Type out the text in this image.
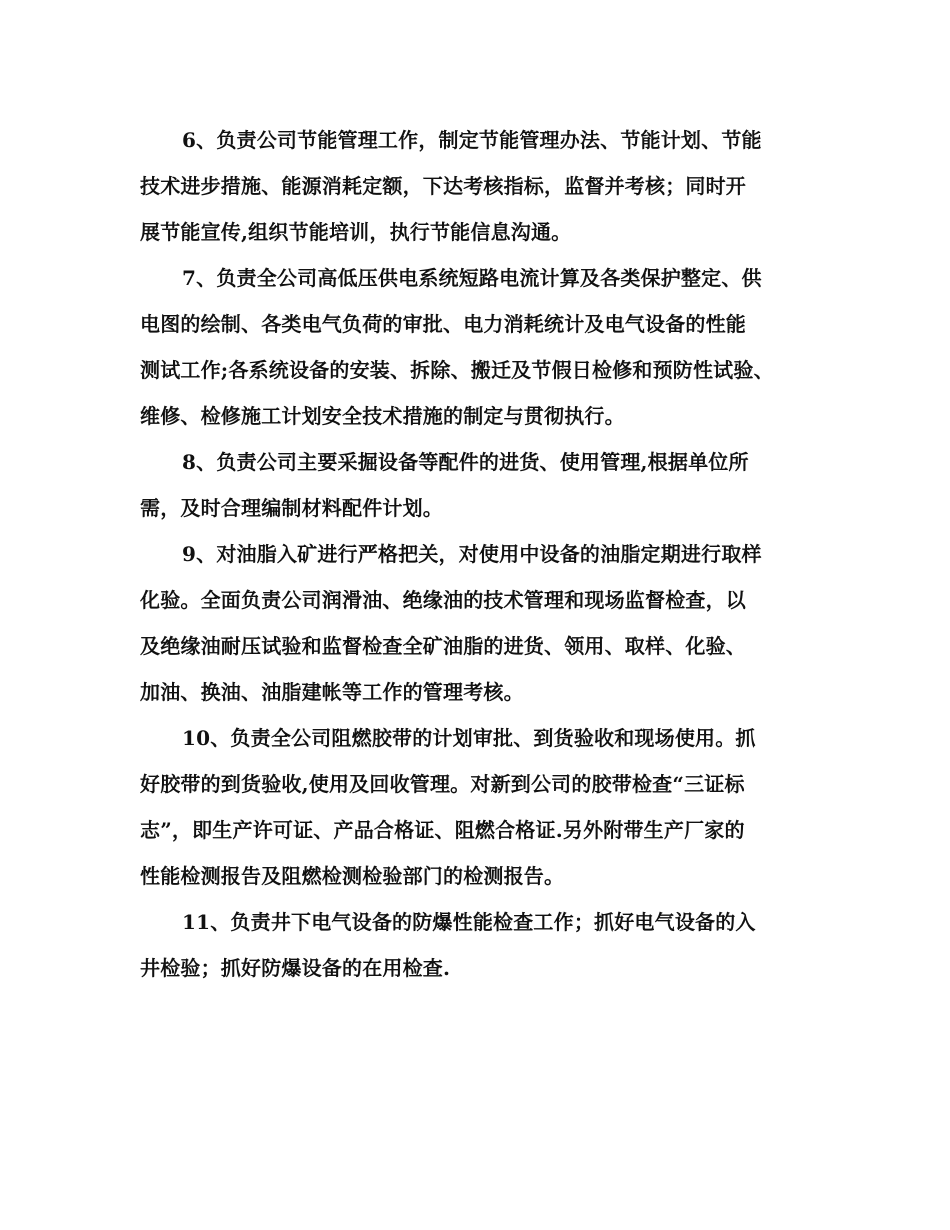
6、负责公司节能管理工作，制定节能管理办法、节能计划、节能
技术进步措施、能源消耗定额，下达考核指标，监督并考核；同时开
展节能宣传,组织节能培训，执行节能信息沟通。
7、负责全公司高低压供电系统短路电流计算及各类保护整定、供
电图的绘制、各类电气负荷的审批、电力消耗统计及电气设备的性能
测试工作;各系统设备的安装、拆除、搬迁及节假日检修和预防性试验、
维修、检修施工计划安全技术措施的制定与贯彻执行。
8、负责公司主要采掘设备等配件的进货、使用管理,根据单位所
需，及时合理编制材料配件计划。
9、对油脂入矿进行严格把关，对使用中设备的油脂定期进行取样
化验。全面负责公司润滑油、绝缘油的技术管理和现场监督检查，以
及绝缘油耐压试验和监督检查全矿油脂的进货、领用、取样、化验、
加油、换油、油脂建帐等工作的管理考核。
10、负责全公司阻燃胶带的计划审批、到货验收和现场使用。抓
好胶带的到货验收,使用及回收管理。对新到公司的胶带检查“三证标
志”，即生产许可证、产品合格证、阻燃合格证.另外附带生产厂家的
性能检测报告及阻燃检测检验部门的检测报告。
11、负责井下电气设备的防爆性能检查工作；抓好电气设备的入
井检验；抓好防爆设备的在用检查.
